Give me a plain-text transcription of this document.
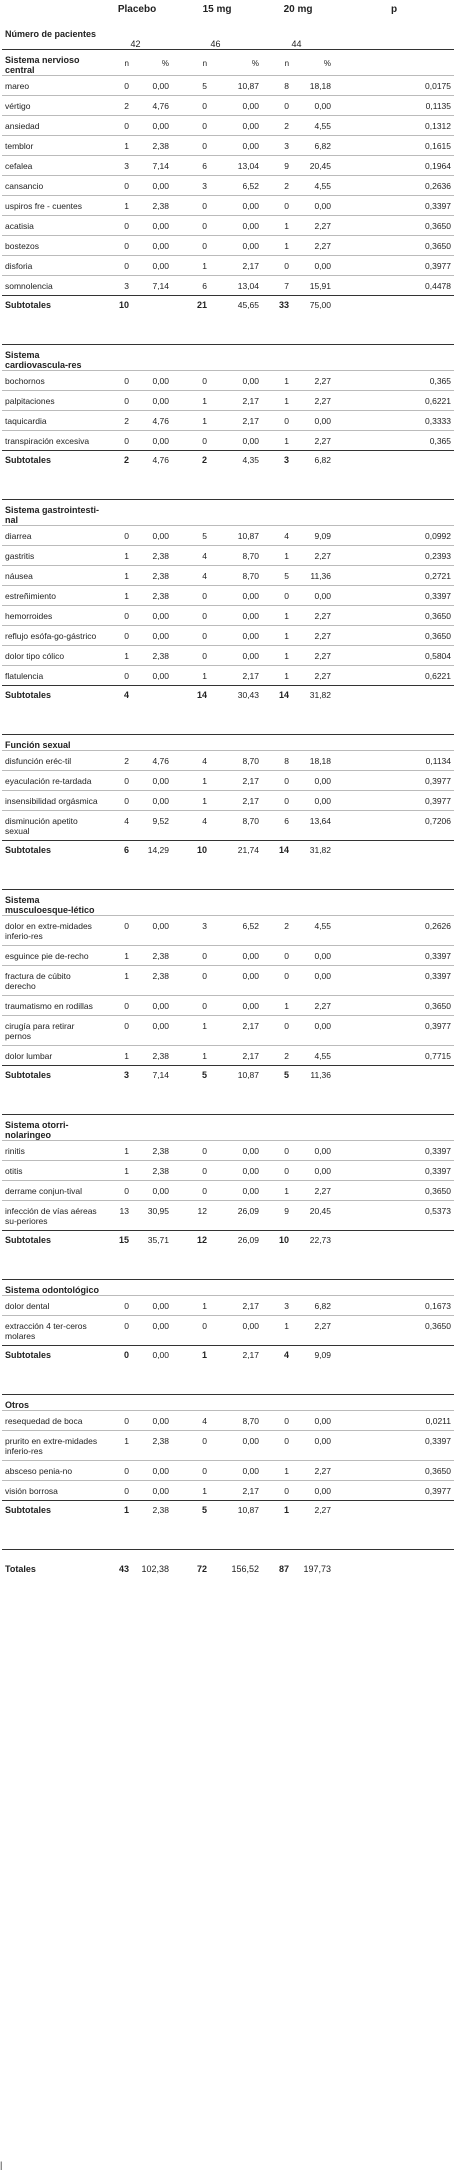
	Placebo		15 mg		20 mg		p
Número de pacientes	42		46		44		
Sistema nervioso central	n	%	n	%	n	%	
mareo	0	0,00	5	10,87	8	18,18	0,0175
vértigo	2	4,76	0	0,00	0	0,00	0,1135
ansiedad	0	0,00	0	0,00	2	4,55	0,1312
temblor	1	2,38	0	0,00	3	6,82	0,1615
cefalea	3	7,14	6	13,04	9	20,45	0,1964
cansancio	0	0,00	3	6,52	2	4,55	0,2636
uspiros fre - cuentes	1	2,38	0	0,00	0	0,00	0,3397
acatisia	0	0,00	0	0,00	1	2,27	0,3650
bostezos	0	0,00	0	0,00	1	2,27	0,3650
disforia	0	0,00	1	2,17	0	0,00	0,3977
somnolencia	3	7,14	6	13,04	7	15,91	0,4478
Subtotales	10		21	45,65	33	75,00	

Sistema cardiovascula-res							
bochornos	0	0,00	0	0,00	1	2,27	0,365
palpitaciones	0	0,00	1	2,17	1	2,27	0,6221
taquicardia	2	4,76	1	2,17	0	0,00	0,3333
transpiración excesiva	0	0,00	0	0,00	1	2,27	0,365
Subtotales	2	4,76	2	4,35	3	6,82	

Sistema gastrointesti-nal							
diarrea	0	0,00	5	10,87	4	9,09	0,0992
gastritis	1	2,38	4	8,70	1	2,27	0,2393
náusea	1	2,38	4	8,70	5	11,36	0,2721
estreñimiento	1	2,38	0	0,00	0	0,00	0,3397
hemorroides	0	0,00	0	0,00	1	2,27	0,3650
reflujo esófa-go-gástrico	0	0,00	0	0,00	1	2,27	0,3650
dolor tipo cólico	1	2,38	0	0,00	1	2,27	0,5804
flatulencia	0	0,00	1	2,17	1	2,27	0,6221
Subtotales	4		14	30,43	14	31,82	

Función sexual							
disfunción eréc-til	2	4,76	4	8,70	8	18,18	0,1134
eyaculación re-tardada	0	0,00	1	2,17	0	0,00	0,3977
insensibilidad orgásmica	0	0,00	1	2,17	0	0,00	0,3977
disminución apetito sexual	4	9,52	4	8,70	6	13,64	0,7206
Subtotales	6	14,29	10	21,74	14	31,82	

Sistema musculoesque-lético							
dolor en extre-midades inferio-res	0	0,00	3	6,52	2	4,55	0,2626
esguince pie de-recho	1	2,38	0	0,00	0	0,00	0,3397
fractura de cúbito derecho	1	2,38	0	0,00	0	0,00	0,3397
traumatismo en rodillas	0	0,00	0	0,00	1	2,27	0,3650
cirugía para retirar pernos	0	0,00	1	2,17	0	0,00	0,3977
dolor lumbar	1	2,38	1	2,17	2	4,55	0,7715
Subtotales	3	7,14	5	10,87	5	11,36	

Sistema otorri-nolaringeo							
rinitis	1	2,38	0	0,00	0	0,00	0,3397
otitis	1	2,38	0	0,00	0	0,00	0,3397
derrame conjun-tival	0	0,00	0	0,00	1	2,27	0,3650
infección de vías aéreas su-periores	13	30,95	12	26,09	9	20,45	0,5373
Subtotales	15	35,71	12	26,09	10	22,73	

Sistema odontológico							
dolor dental	0	0,00	1	2,17	3	6,82	0,1673
extracción 4 ter-ceros molares	0	0,00	0	0,00	1	2,27	0,3650
Subtotales	0	0,00	1	2,17	4	9,09	

Otros							
resequedad de boca	0	0,00	4	8,70	0	0,00	0,0211
prurito en extre-midades inferio-res	1	2,38	0	0,00	0	0,00	0,3397
absceso penia-no	0	0,00	0	0,00	1	2,27	0,3650
visión borrosa	0	0,00	1	2,17	0	0,00	0,3977
Subtotales	1	2,38	5	10,87	1	2,27	

Totales	43	102,38	72	156,52	87	197,73	
|
